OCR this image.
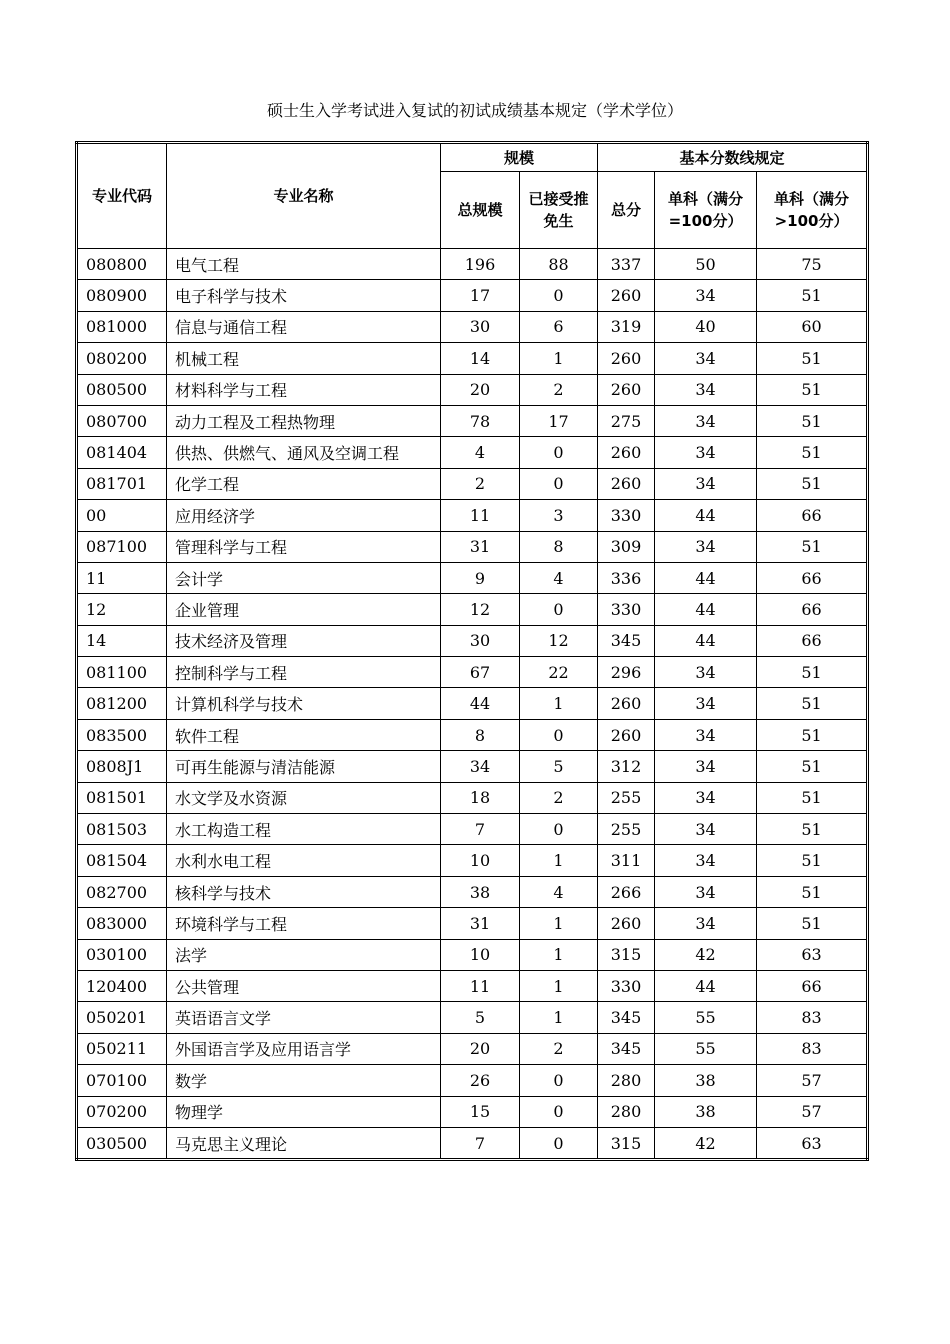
硕士生入学考试进入复试的初试成绩基本规定（学术学位）
专业代码	专业名称	规模		基本分数线规定		
		总规模	已接受推免生	总分	单科（满分=100分）	单科（满分>100分）
080800	电气工程	196	88	337	50	75
080900	电子科学与技术	17	0	260	34	51
081000	信息与通信工程	30	6	319	40	60
080200	机械工程	14	1	260	34	51
080500	材料科学与工程	20	2	260	34	51
080700	动力工程及工程热物理	78	17	275	34	51
081404	供热、供燃气、通风及空调工程	4	0	260	34	51
081701	化学工程	2	0	260	34	51
00	应用经济学	11	3	330	44	66
087100	管理科学与工程	31	8	309	34	51
11	会计学	9	4	336	44	66
12	企业管理	12	0	330	44	66
14	技术经济及管理	30	12	345	44	66
081100	控制科学与工程	67	22	296	34	51
081200	计算机科学与技术	44	1	260	34	51
083500	软件工程	8	0	260	34	51
0808J1	可再生能源与清洁能源	34	5	312	34	51
081501	水文学及水资源	18	2	255	34	51
081503	水工构造工程	7	0	255	34	51
081504	水利水电工程	10	1	311	34	51
082700	核科学与技术	38	4	266	34	51
083000	环境科学与工程	31	1	260	34	51
030100	法学	10	1	315	42	63
120400	公共管理	11	1	330	44	66
050201	英语语言文学	5	1	345	55	83
050211	外国语言学及应用语言学	20	2	345	55	83
070100	数学	26	0	280	38	57
070200	物理学	15	0	280	38	57
030500	马克思主义理论	7	0	315	42	63
